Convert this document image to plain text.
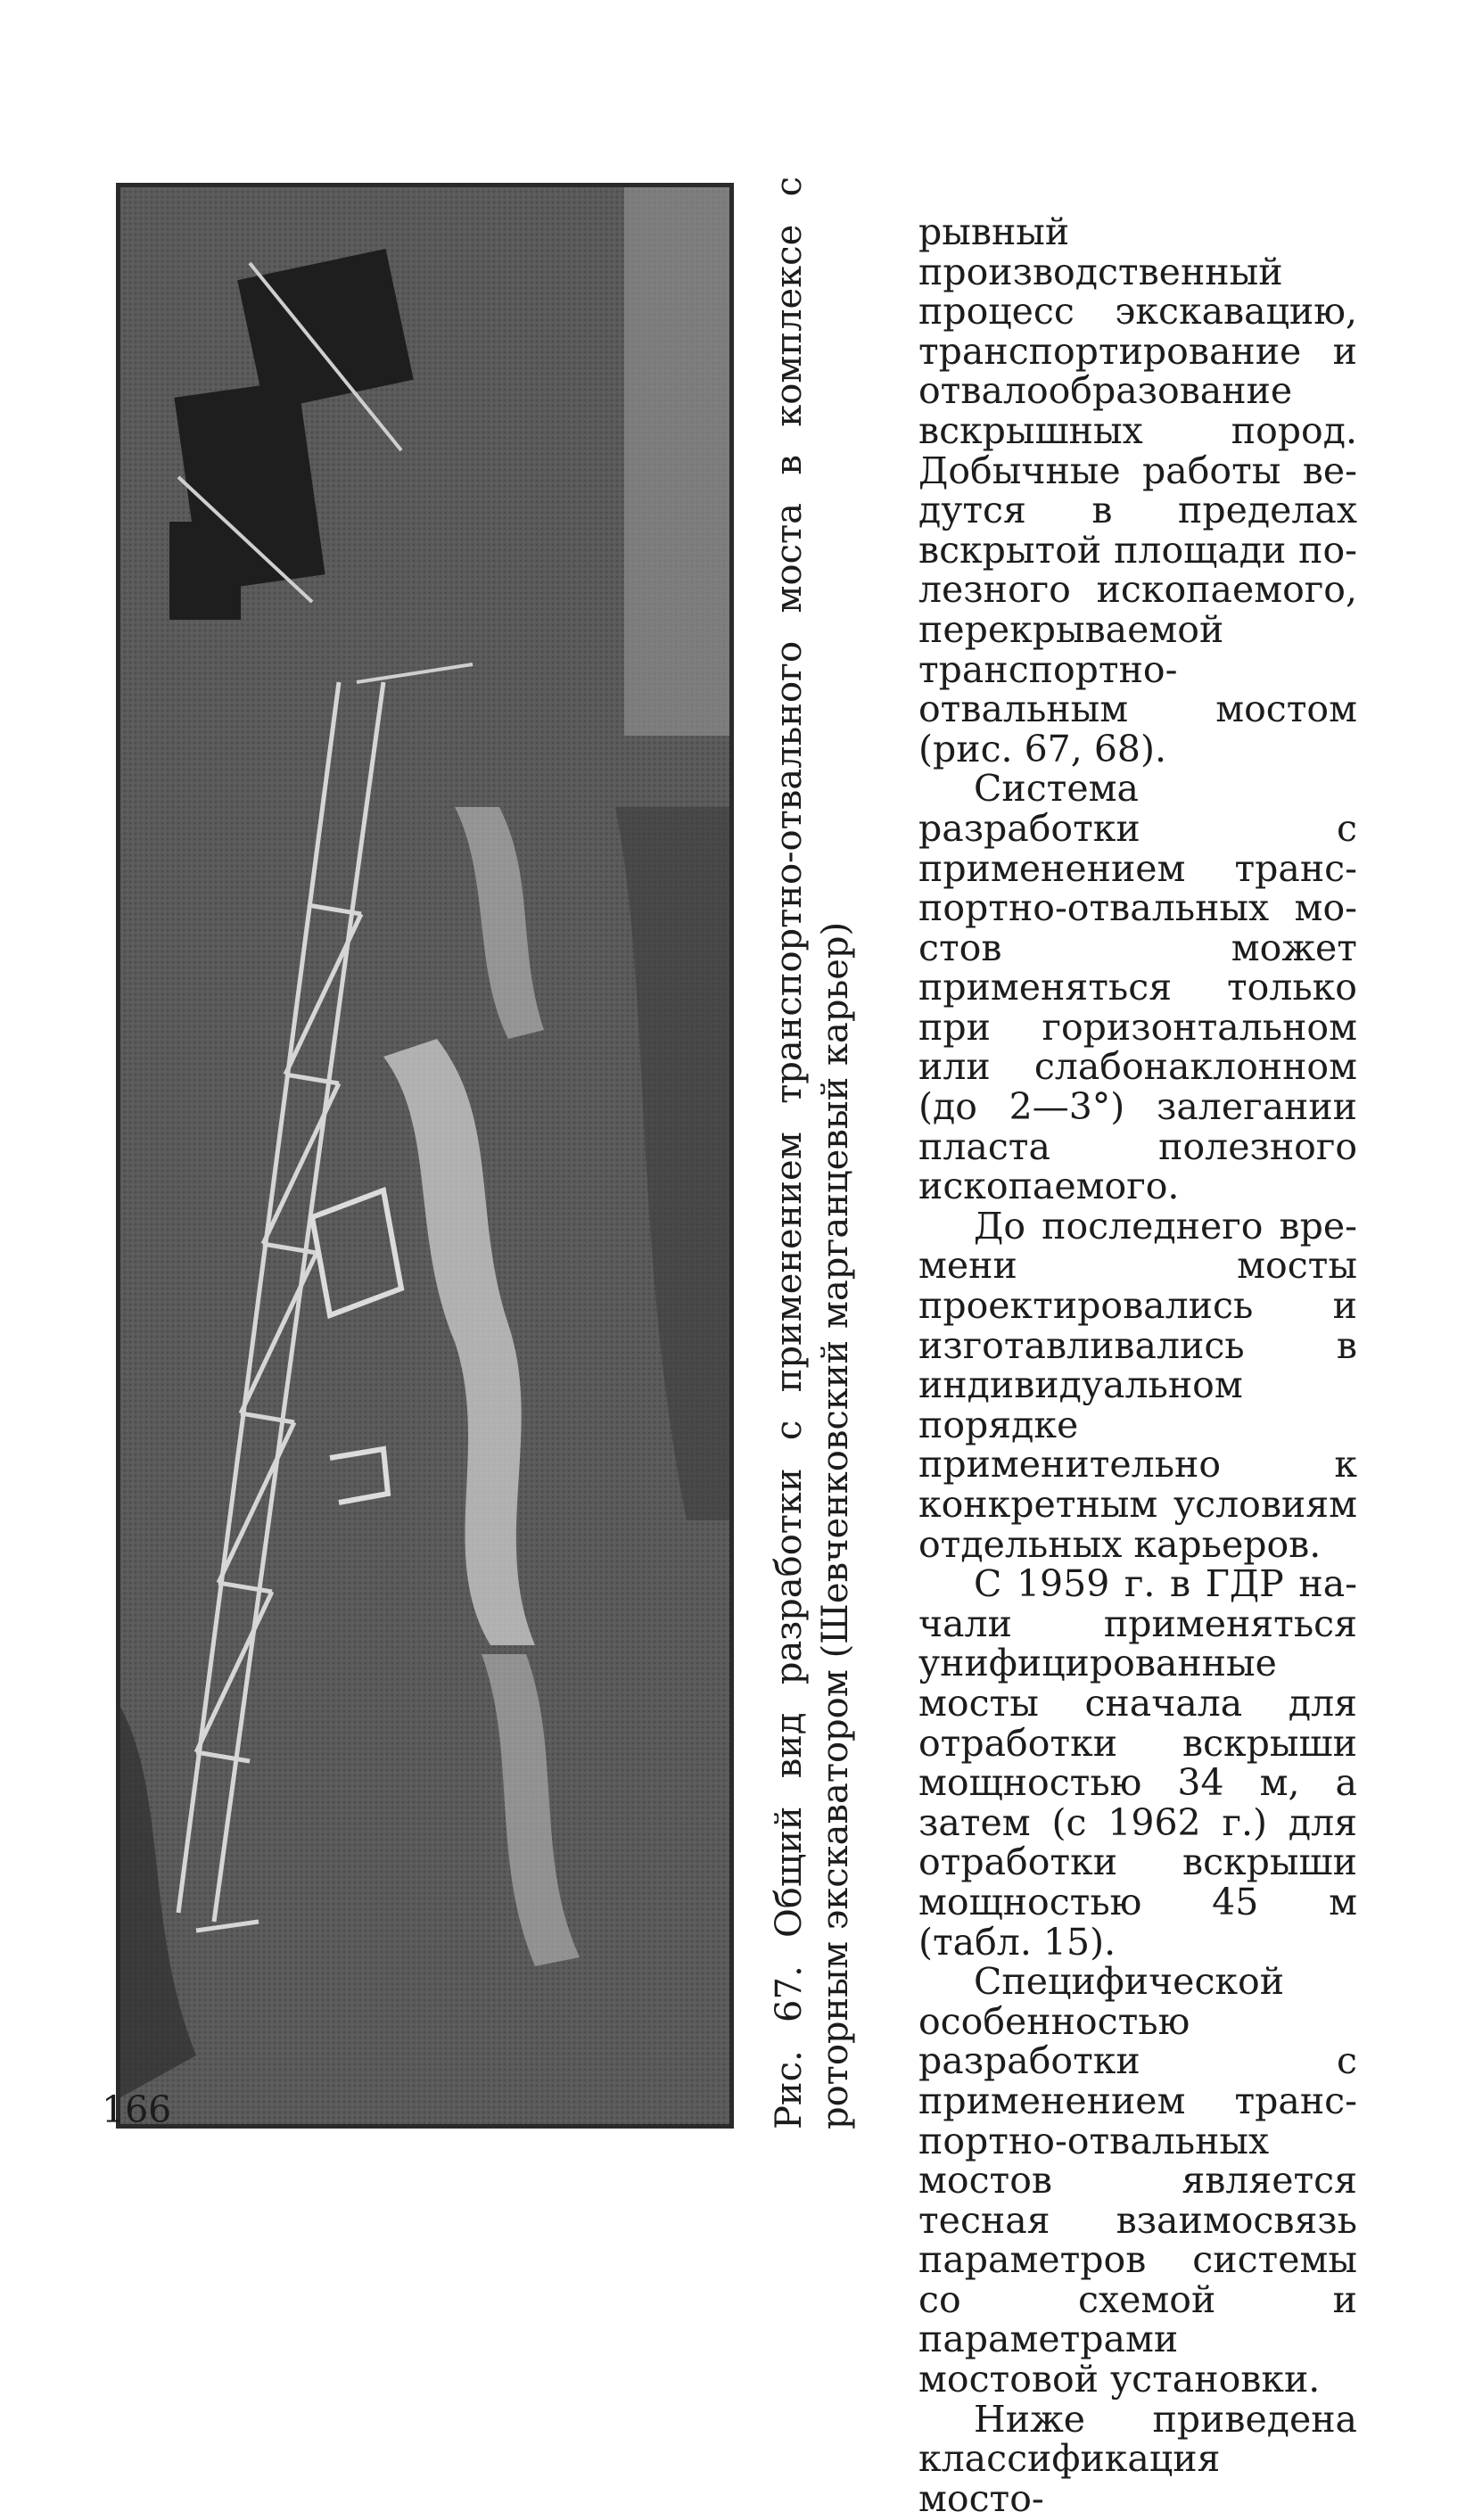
Рис. 67. Общий вид разработки с применением транспортно-отвального моста в комплексе с роторным экскаватором (Шевченковский марганцевый карьер)

рывный производственный процесс экскавацию, транспортирование и отвалообразование вскрышных пород. Добычные работы ведутся в пределах вскрытой площади полезного ископаемого, перекрываемой транспортно-отвальным мостом (рис. 67, 68).

Система разработки с применением транспортно-отвальных мостов может применяться только при горизонтальном или слабонаклонном (до 2—3°) залегании пласта полезного ископаемого.

До последнего времени мосты проектировались и изготавливались в индивидуальном порядке применительно к конкретным условиям отдельных карьеров.

С 1959 г. в ГДР начали применяться унифицированные мосты сначала для отработки вскрыши мощностью 34 м, а затем (с 1962 г.) для отработки вскрыши мощностью 45 м (табл. 15).

Специфической особенностью разработки с применением транспортно-отвальных мостов является тесная взаимосвязь параметров системы со схемой и параметрами мостовой установки.

Ниже приведена классификация мосто-

166
